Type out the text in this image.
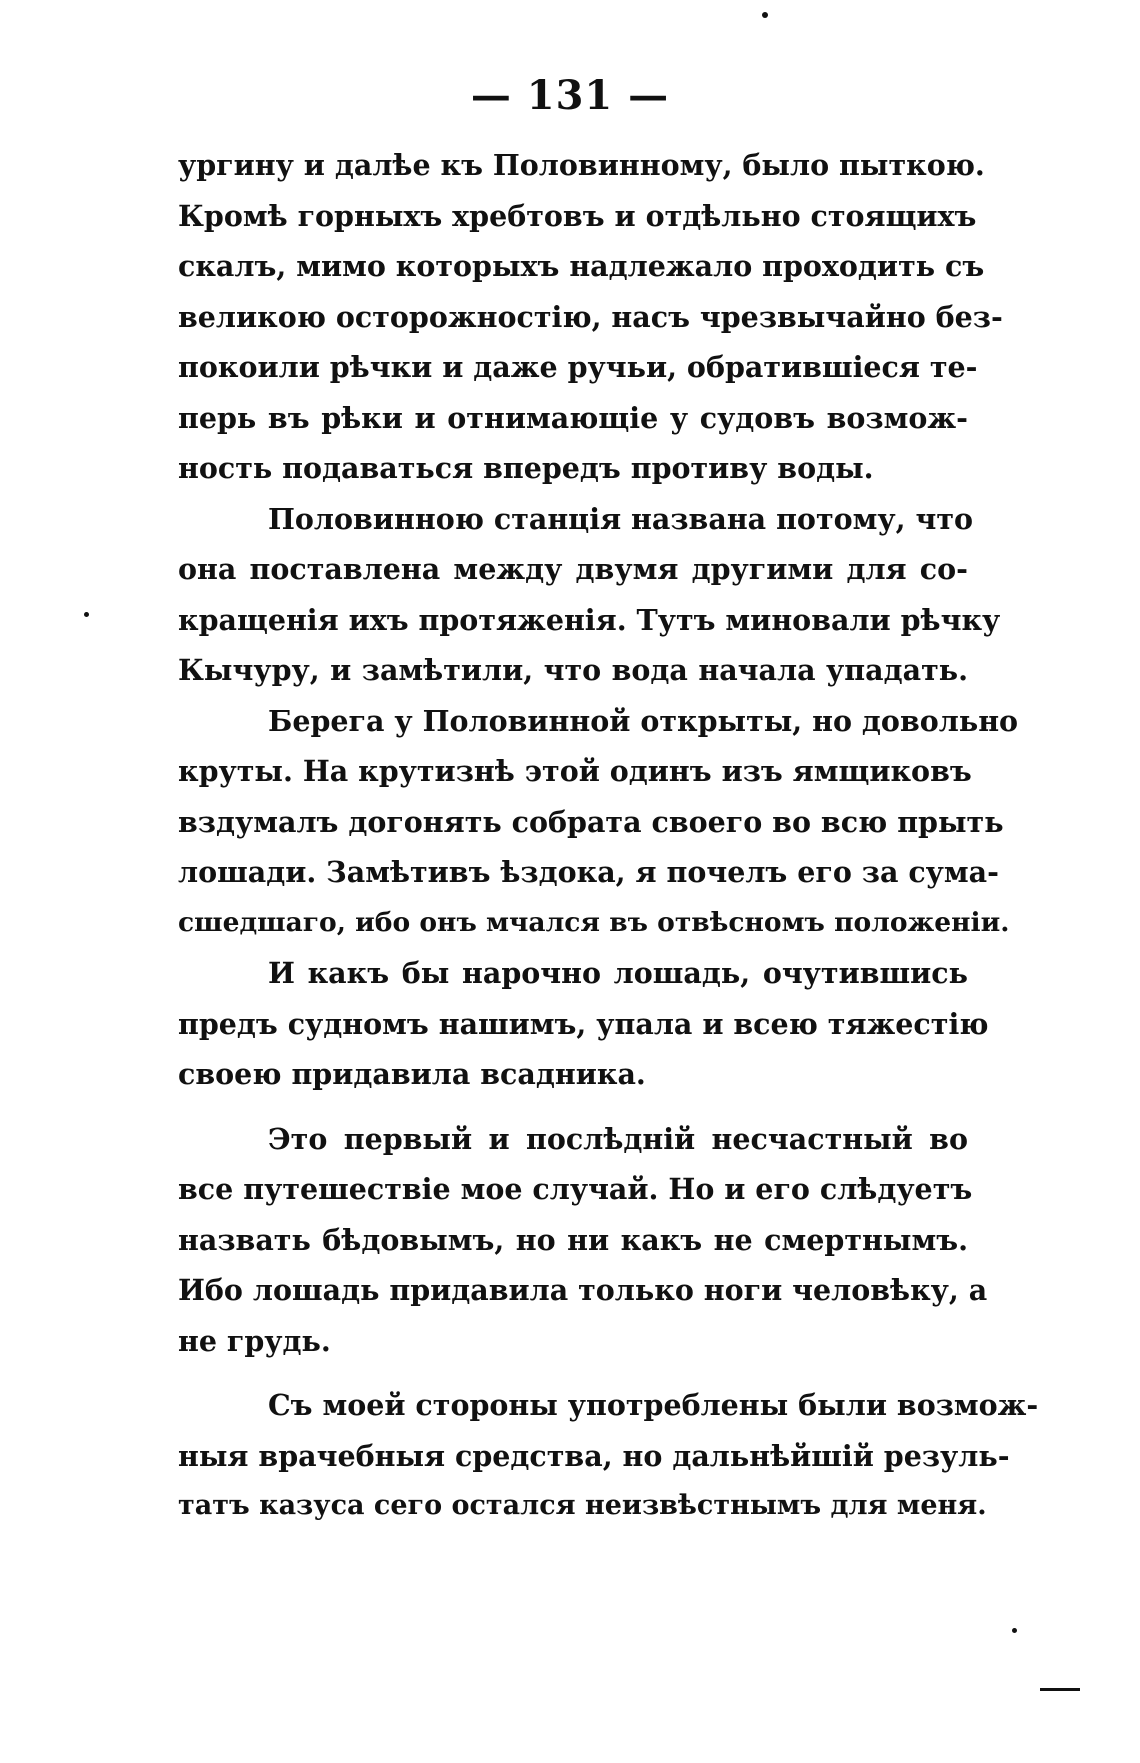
— 131 —
ургину и далѣе къ Половинному, было пыткою.
Кромѣ горныхъ хребтовъ и отдѣльно стоящихъ
скалъ, мимо которыхъ надлежало проходить съ
великою осторожностію, насъ чрезвычайно без-
покоили рѣчки и даже ручьи, обратившіеся те-
перь въ рѣки и отнимающіе у судовъ возмож-
ность подаваться впередъ противу воды.
Половинною станція названа потому, что
она поставлена между двумя другими для со-
кращенія ихъ протяженія. Тутъ миновали рѣчку
Кычуру, и замѣтили, что вода начала упадать.
Берега у Половинной открыты, но довольно
круты. На крутизнѣ этой одинъ изъ ямщиковъ
вздумалъ догонять собрата своего во всю прыть
лошади. Замѣтивъ ѣздока, я почелъ его за сума-
сшедшаго, ибо онъ мчался въ отвѣсномъ положеніи.
И какъ бы нарочно лошадь, очутившись
предъ судномъ нашимъ, упала и всею тяжестію
своею придавила всадника.
Это первый и послѣдній несчастный во
все путешествіе мое случай. Но и его слѣдуетъ
назвать бѣдовымъ, но ни какъ не смертнымъ.
Ибо лошадь придавила только ноги человѣку, а
не грудь.
Съ моей стороны употреблены были возмож-
ныя врачебныя средства, но дальнѣйшій резуль-
татъ казуса сего остался неизвѣстнымъ для меня.
